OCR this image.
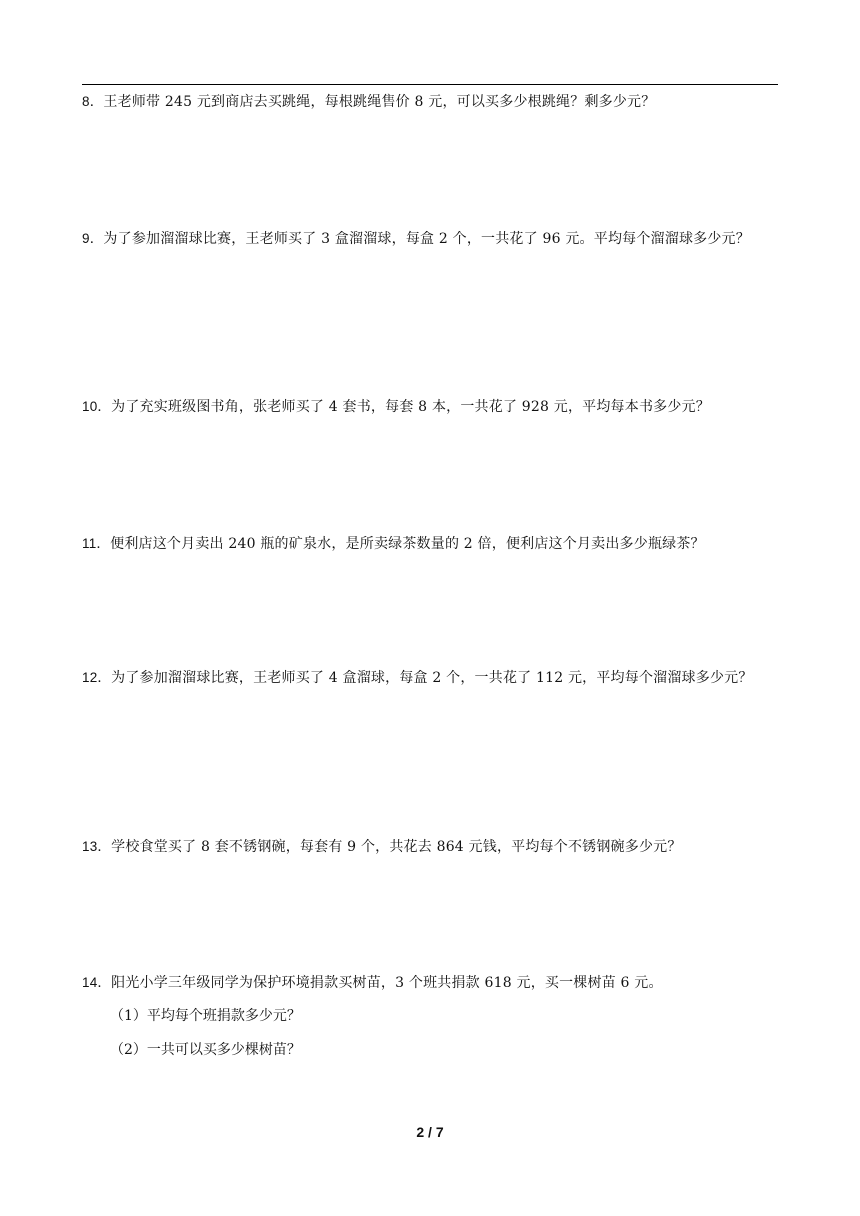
8．王老师带 245 元到商店去买跳绳，每根跳绳售价 8 元，可以买多少根跳绳？剩多少元？

9．为了参加溜溜球比赛，王老师买了 3 盒溜溜球，每盒 2 个，一共花了 96 元。平均每个溜溜球多少元？

10．为了充实班级图书角，张老师买了 4 套书，每套 8 本，一共花了 928 元，平均每本书多少元？

11．便利店这个月卖出 240 瓶的矿泉水，是所卖绿茶数量的 2 倍，便利店这个月卖出多少瓶绿茶？

12．为了参加溜溜球比赛，王老师买了 4 盒溜球，每盒 2 个，一共花了 112 元，平均每个溜溜球多少元？

13．学校食堂买了 8 套不锈钢碗，每套有 9 个，共花去 864 元钱，平均每个不锈钢碗多少元？

14．阳光小学三年级同学为保护环境捐款买树苗，3 个班共捐款 618 元，买一棵树苗 6 元。

（1）平均每个班捐款多少元？

（2）一共可以买多少棵树苗？

2 / 7
